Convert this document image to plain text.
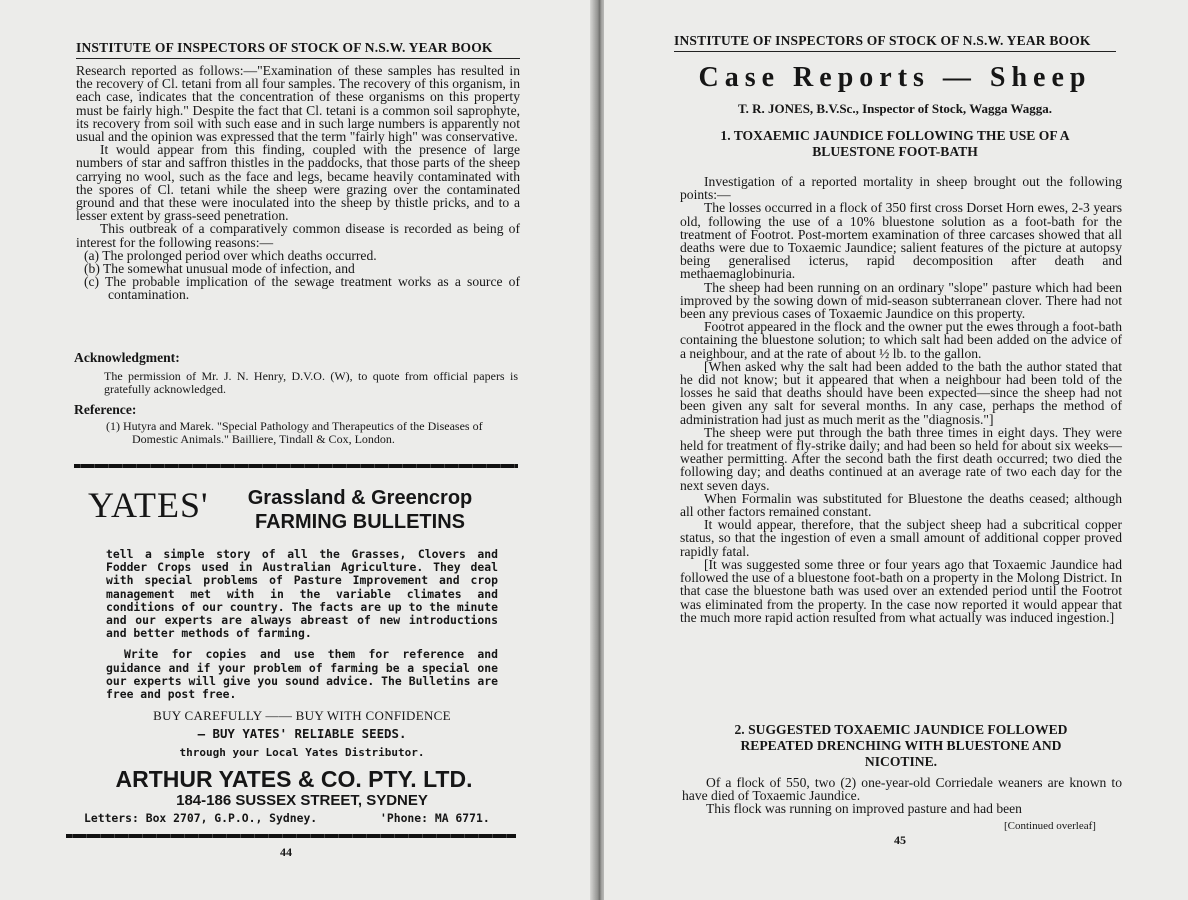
INSTITUTE OF INSPECTORS OF STOCK OF N.S.W. YEAR BOOK

Research reported as follows:—"Examination of these samples has resulted in the recovery of Cl. tetani from all four samples. The recovery of this organism, in each case, indicates that the concentration of these organisms on this property must be fairly high." Despite the fact that Cl. tetani is a common soil saprophyte, its recovery from soil with such ease and in such large numbers is apparently not usual and the opinion was expressed that the term "fairly high" was conservative.

It would appear from this finding, coupled with the presence of large numbers of star and saffron thistles in the paddocks, that those parts of the sheep carrying no wool, such as the face and legs, became heavily contaminated with the spores of Cl. tetani while the sheep were grazing over the contaminated ground and that these were inoculated into the sheep by thistle pricks, and to a lesser extent by grass-seed penetration.

This outbreak of a comparatively common disease is recorded as being of interest for the following reasons:—

(a) The prolonged period over which deaths occurred.
(b) The somewhat unusual mode of infection, and
(c) The probable implication of the sewage treatment works as a source of contamination.
Acknowledgment:
The permission of Mr. J. N. Henry, D.V.O. (W), to quote from official papers is gratefully acknowledged.
Reference:
(1) Hutyra and Marek. "Special Pathology and Therapeutics of the Diseases of Domestic Animals." Bailliere, Tindall & Cox, London.
YATES'	Grassland & Greencrop
FARMING BULLETINS

tell a simple story of all the Grasses, Clovers and Fodder Crops used in Australian Agriculture. They deal with special problems of Pasture Improvement and crop management met with in the variable climates and conditions of our country. The facts are up to the minute and our experts are always abreast of new introductions and better methods of farming.

Write for copies and use them for reference and guidance and if your problem of farming be a special one our experts will give you sound advice. The Bulletins are free and post free.

BUY CAREFULLY —— BUY WITH CONFIDENCE
— BUY YATES' RELIABLE SEEDS.
through your Local Yates Distributor.
ARTHUR YATES & CO. PTY. LTD.
184-186 SUSSEX STREET, SYDNEY
Letters: Box 2707, G.P.O., Sydney.	'Phone: MA 6771.
44
INSTITUTE OF INSPECTORS OF STOCK OF N.S.W. YEAR BOOK
Case Reports — Sheep
T. R. JONES, B.V.Sc., Inspector of Stock, Wagga Wagga.
1. TOXAEMIC JAUNDICE FOLLOWING THE USE OF A
BLUESTONE FOOT-BATH

Investigation of a reported mortality in sheep brought out the following points:—

The losses occurred in a flock of 350 first cross Dorset Horn ewes, 2-3 years old, following the use of a 10% bluestone solution as a foot-bath for the treatment of Footrot. Post-mortem examination of three carcases showed that all deaths were due to Toxaemic Jaundice; salient features of the picture at autopsy being generalised icterus, rapid decomposition after death and methaemaglobinuria.

The sheep had been running on an ordinary "slope" pasture which had been improved by the sowing down of mid-season subterranean clover. There had not been any previous cases of Toxaemic Jaundice on this property.

Footrot appeared in the flock and the owner put the ewes through a foot-bath containing the bluestone solution; to which salt had been added on the advice of a neighbour, and at the rate of about ½ lb. to the gallon.

[When asked why the salt had been added to the bath the author stated that he did not know; but it appeared that when a neighbour had been told of the losses he said that deaths should have been expected—since the sheep had not been given any salt for several months. In any case, perhaps the method of administration had just as much merit as the "diagnosis."]

The sheep were put through the bath three times in eight days. They were held for treatment of fly-strike daily; and had been so held for about six weeks—weather permitting. After the second bath the first death occurred; two died the following day; and deaths continued at an average rate of two each day for the next seven days.

When Formalin was substituted for Bluestone the deaths ceased; although all other factors remained constant.

It would appear, therefore, that the subject sheep had a subcritical copper status, so that the ingestion of even a small amount of additional copper proved rapidly fatal.

[It was suggested some three or four years ago that Toxaemic Jaundice had followed the use of a bluestone foot-bath on a property in the Molong District. In that case the bluestone bath was used over an extended period until the Footrot was eliminated from the property. In the case now reported it would appear that the much more rapid action resulted from what actually was induced ingestion.]

2. SUGGESTED TOXAEMIC JAUNDICE FOLLOWED
REPEATED DRENCHING WITH BLUESTONE AND
NICOTINE.

Of a flock of 550, two (2) one-year-old Corriedale weaners are known to have died of Toxaemic Jaundice.

This flock was running on improved pasture and had been

[Continued overleaf]
45
